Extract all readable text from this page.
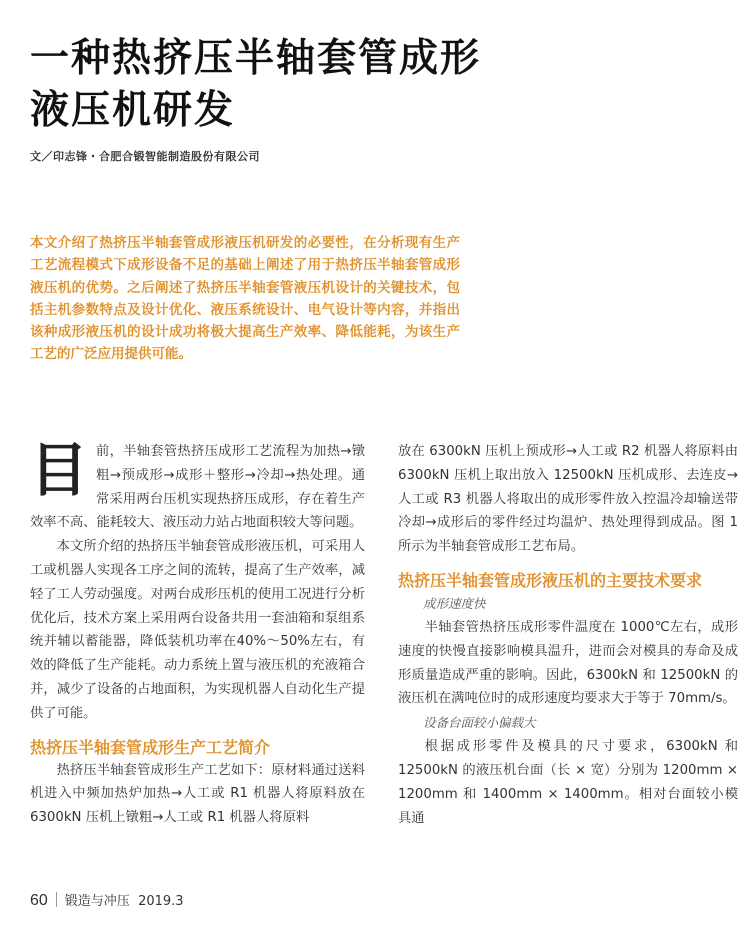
一种热挤压半轴套管成形
液压机研发
文／印志锋・合肥合锻智能制造股份有限公司

本文介绍了热挤压半轴套管成形液压机研发的必要性，在分析现有生产工艺流程模式下成形设备不足的基础上阐述了用于热挤压半轴套管成形液压机的优势。之后阐述了热挤压半轴套管液压机设计的关键技术，包括主机参数特点及设计优化、液压系统设计、电气设计等内容，并指出该种成形液压机的设计成功将极大提高生产效率、降低能耗，为该生产工艺的广泛应用提供可能。

目前，半轴套管热挤压成形工艺流程为加热→镦粗→预成形→成形＋整形→冷却→热处理。通常采用两台压机实现热挤压成形，存在着生产效率不高、能耗较大、液压动力站占地面积较大等问题。

本文所介绍的热挤压半轴套管成形液压机，可采用人工或机器人实现各工序之间的流转，提高了生产效率，减轻了工人劳动强度。对两台成形压机的使用工况进行分析优化后，技术方案上采用两台设备共用一套油箱和泵组系统并辅以蓄能器，降低装机功率在40%～50%左右，有效的降低了生产能耗。动力系统上置与液压机的充液箱合并，减少了设备的占地面积，为实现机器人自动化生产提供了可能。

热挤压半轴套管成形生产工艺简介

热挤压半轴套管成形生产工艺如下：原材料通过送料机进入中频加热炉加热→人工或 R1 机器人将原料放在 6300kN 压机上镦粗→人工或 R1 机器人将原料

放在 6300kN 压机上预成形→人工或 R2 机器人将原料由 6300kN 压机上取出放入 12500kN 压机成形、去连皮→人工或 R3 机器人将取出的成形零件放入控温冷却输送带冷却→成形后的零件经过均温炉、热处理得到成品。图 1 所示为半轴套管成形工艺布局。

热挤压半轴套管成形液压机的主要技术要求
成形速度快

半轴套管热挤压成形零件温度在 1000℃左右，成形速度的快慢直接影响模具温升，进而会对模具的寿命及成形质量造成严重的影响。因此，6300kN 和 12500kN 的液压机在满吨位时的成形速度均要求大于等于 70mm/s。

设备台面较小偏载大

根据成形零件及模具的尺寸要求，6300kN 和 12500kN 的液压机台面（长 × 宽）分别为 1200mm × 1200mm 和 1400mm × 1400mm。相对台面较小模具通

60 锻造与冲压 2019.3
